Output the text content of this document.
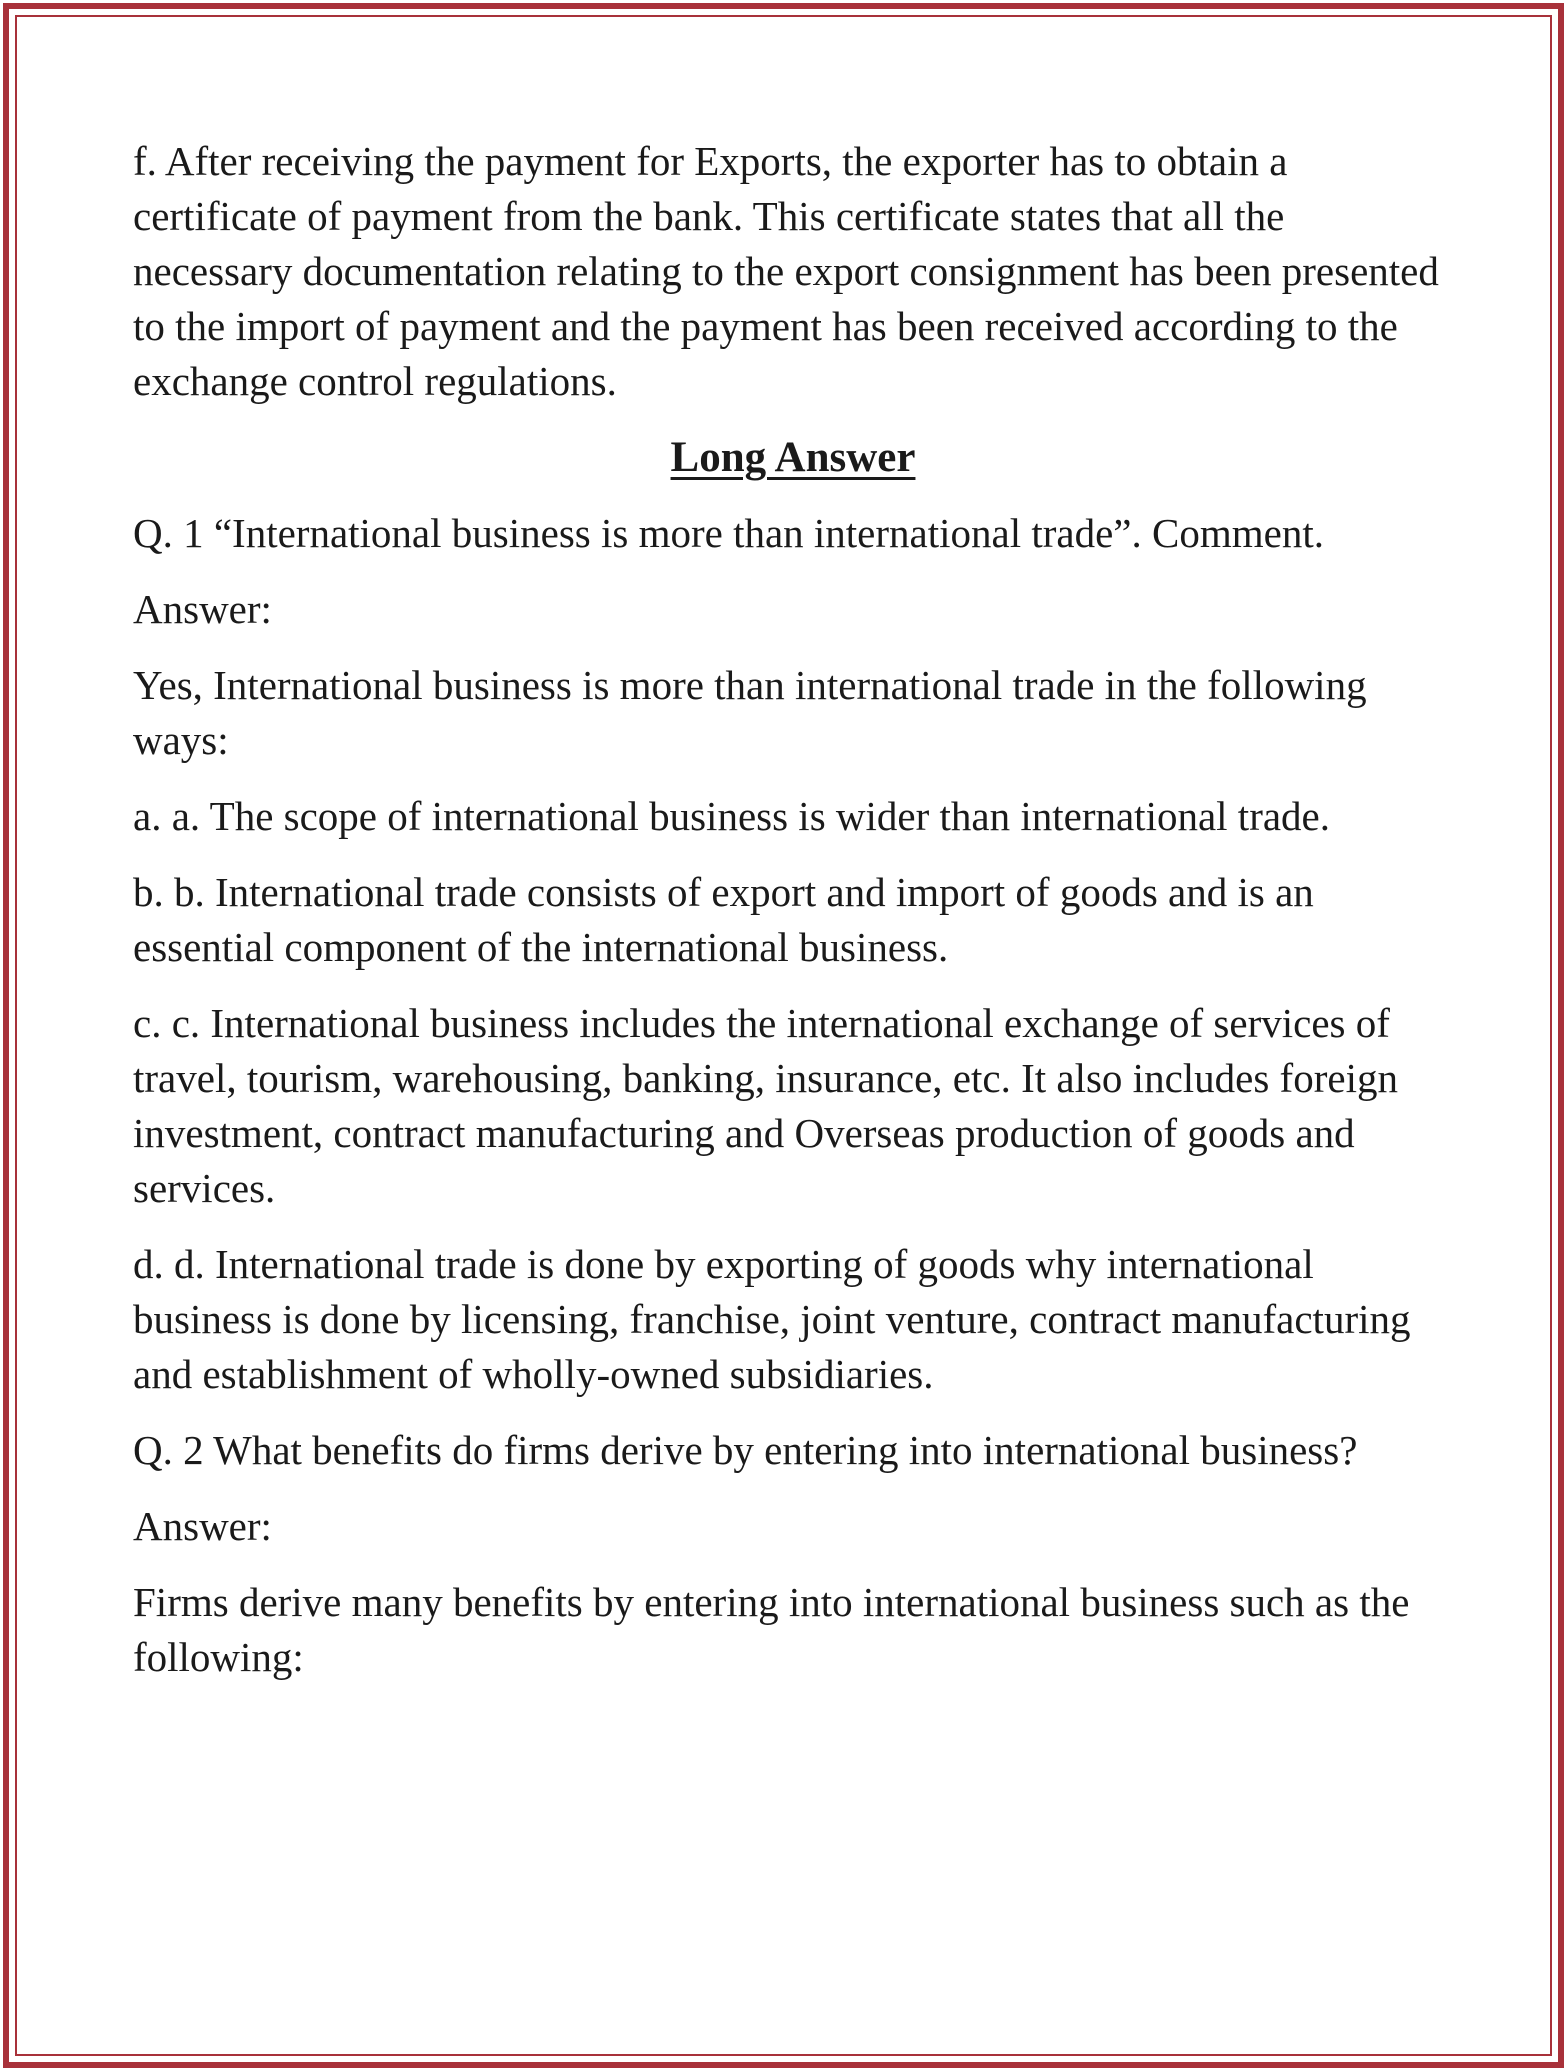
f. After receiving the payment for Exports, the exporter has to obtain a certificate of payment from the bank. This certificate states that all the necessary documentation relating to the export consignment has been presented to the import of payment and the payment has been received according to the exchange control regulations.

Long Answer

Q. 1 “International business is more than international trade”. Comment.

Answer:

Yes, International business is more than international trade in the following ways:

a. a. The scope of international business is wider than international trade.

b. b. International trade consists of export and import of goods and is an essential component of the international business.

c. c. International business includes the international exchange of services of travel, tourism, warehousing, banking, insurance, etc. It also includes foreign investment, contract manufacturing and Overseas production of goods and services.

d. d. International trade is done by exporting of goods why international business is done by licensing, franchise, joint venture, contract manufacturing and establishment of wholly-owned subsidiaries.

Q. 2 What benefits do firms derive by entering into international business?

Answer:

Firms derive many benefits by entering into international business such as the following:
